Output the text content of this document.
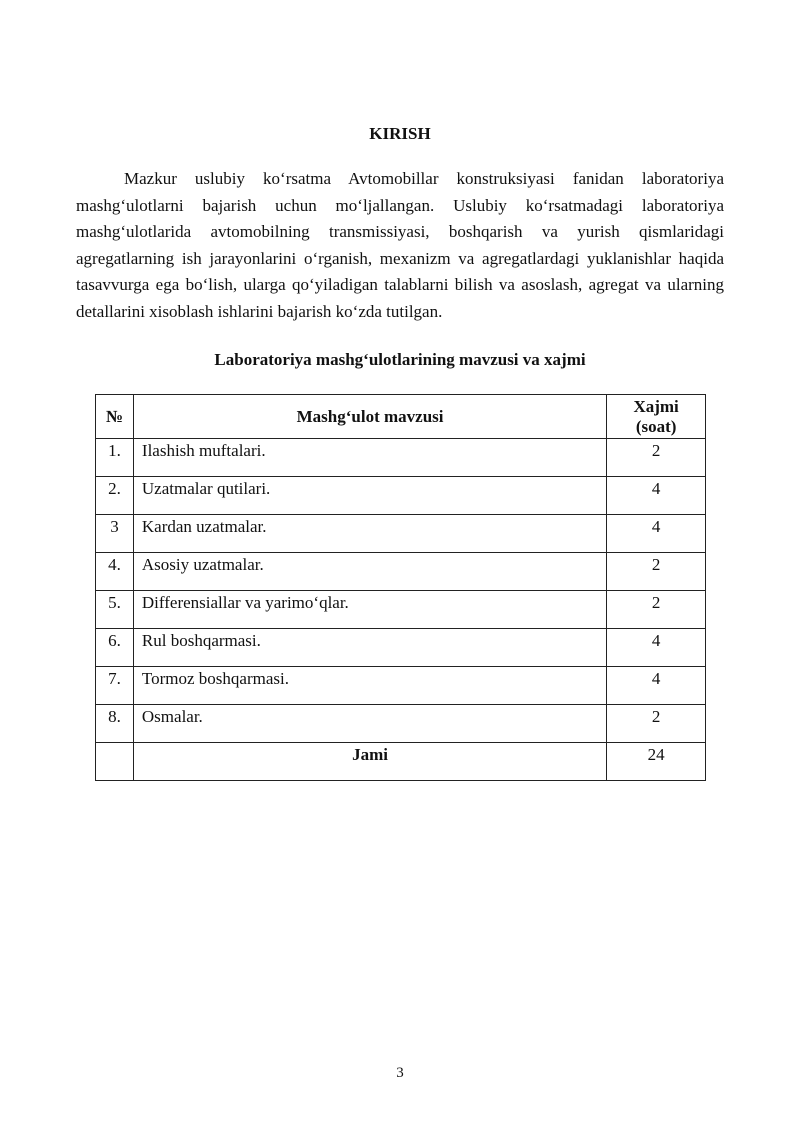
KIRISH
Mazkur uslubiy ko‘rsatma Avtomobillar konstruksiyasi fanidan laboratoriya mashg‘ulotlarni bajarish uchun mo‘ljallangan. Uslubiy ko‘rsatmadagi laboratoriya mashg‘ulotlarida avtomobilning transmissiyasi, boshqarish va yurish qismlaridagi agregatlarning ish jarayonlarini o‘rganish, mexanizm va agregatlardagi yuklanishlar haqida tasavvurga ega bo‘lish, ularga qo‘yiladigan talablarni bilish va asoslash, agregat va ularning detallarini xisoblash ishlarini bajarish ko‘zda tutilgan.
Laboratoriya mashg‘ulotlarining mavzusi va xajmi
№	Mashg‘ulot mavzusi	Xajmi
(soat)
1.	Ilashish muftalari.	2
2.	Uzatmalar qutilari.	4
3	Kardan uzatmalar.	4
4.	Asosiy uzatmalar.	2
5.	Differensiallar va yarimo‘qlar.	2
6.	Rul boshqarmasi.	4
7.	Tormoz boshqarmasi.	4
8.	Osmalar.	2
	Jami	24
3
